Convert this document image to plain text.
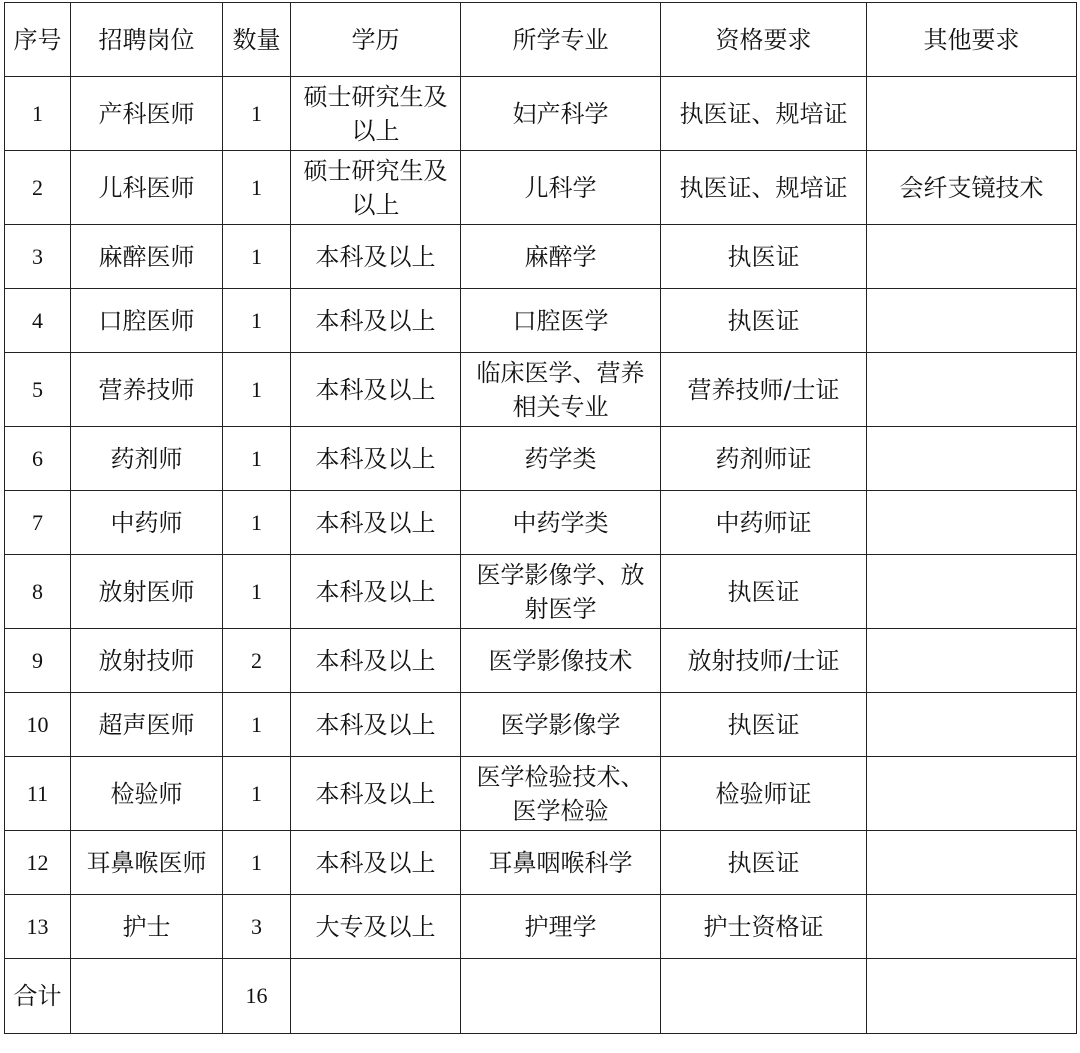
序号	招聘岗位	数量	学历	所学专业	资格要求	其他要求
1	产科医师	1	硕士研究生及以上	妇产科学	执医证、规培证	
2	儿科医师	1	硕士研究生及以上	儿科学	执医证、规培证	会纤支镜技术
3	麻醉医师	1	本科及以上	麻醉学	执医证	
4	口腔医师	1	本科及以上	口腔医学	执医证	
5	营养技师	1	本科及以上	临床医学、营养相关专业	营养技师/士证	
6	药剂师	1	本科及以上	药学类	药剂师证	
7	中药师	1	本科及以上	中药学类	中药师证	
8	放射医师	1	本科及以上	医学影像学、放射医学	执医证	
9	放射技师	2	本科及以上	医学影像技术	放射技师/士证	
10	超声医师	1	本科及以上	医学影像学	执医证	
11	检验师	1	本科及以上	医学检验技术、医学检验	检验师证	
12	耳鼻喉医师	1	本科及以上	耳鼻咽喉科学	执医证	
13	护士	3	大专及以上	护理学	护士资格证	
合计		16				
